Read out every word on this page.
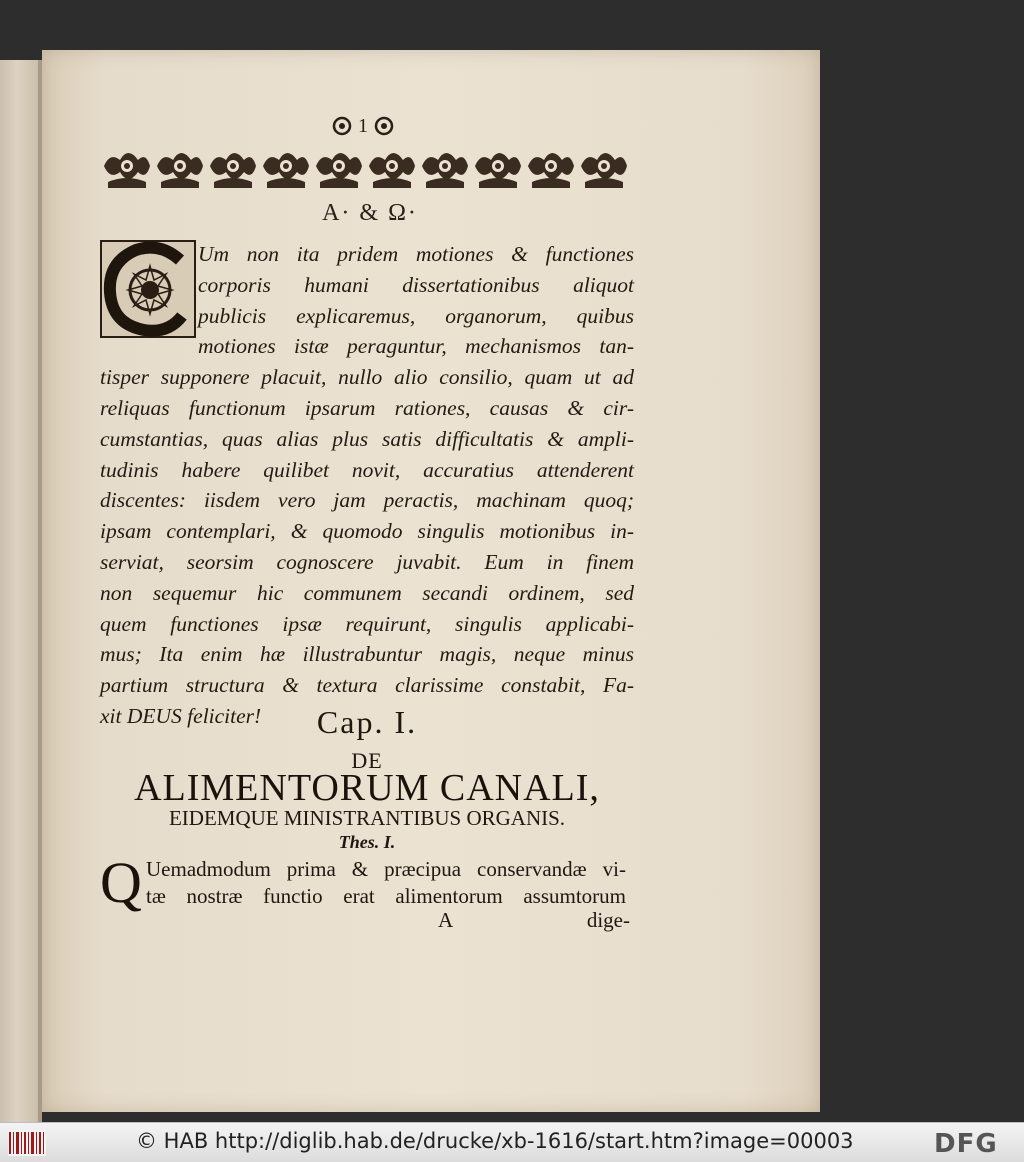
1
A· & Ω·
Um non ita pridem motiones & functiones
corporis humani dissertationibus aliquot
publicis explicaremus, organorum, quibus
motiones istæ peraguntur, mechanismos tan-
tisper supponere placuit, nullo alio consilio, quam ut ad
reliquas functionum ipsarum rationes, causas & cir-
cumstantias, quas alias plus satis difficultatis & ampli-
tudinis habere quilibet novit, accuratius attenderent
discentes: iisdem vero jam peractis, machinam quoq;
ipsam contemplari, & quomodo singulis motionibus in-
serviat, seorsim cognoscere juvabit. Eum in finem
non sequemur hic communem secandi ordinem, sed
quem functiones ipsæ requirunt, singulis applicabi-
mus; Ita enim hæ illustrabuntur magis, neque minus
partium structura & textura clarissime constabit, Fa-
xit DEUS feliciter!	Cap. I.
DE
ALIMENTORUM CANALI,
EIDEMQUE MINISTRANTIBUS ORGANIS.
Thes. I.
Q Uemadmodum prima & præcipua conservandæ vi-
tæ nostræ functio erat alimentorum assumtorum
A	dige-
© HAB http://diglib.hab.de/drucke/xb-1616/start.htm?image=00003	DFG
